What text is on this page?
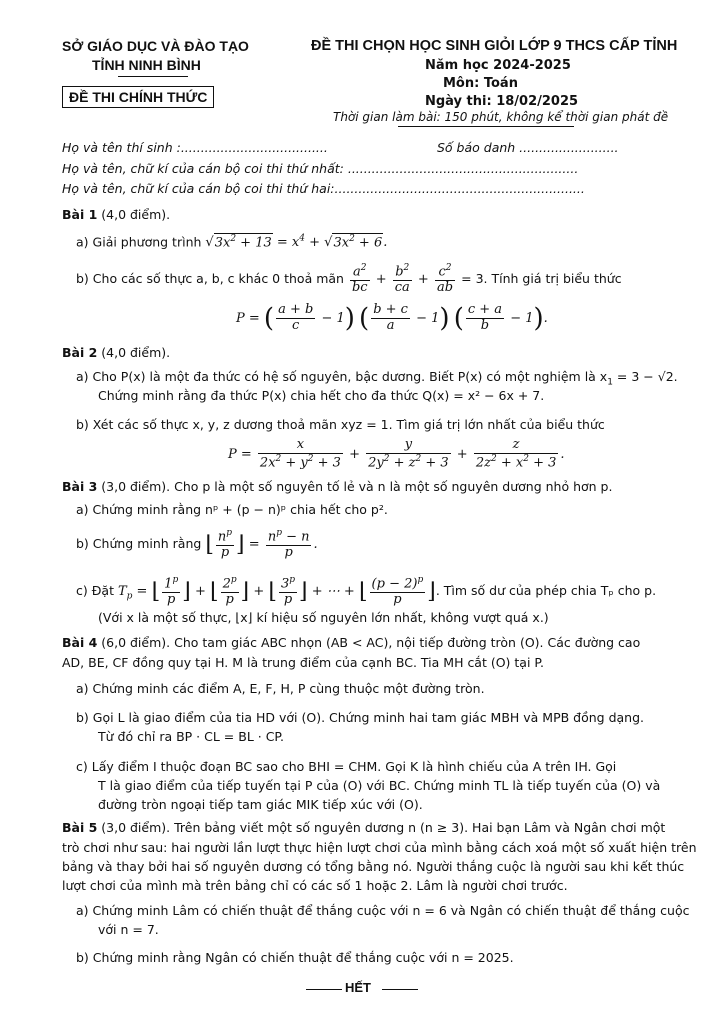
SỞ GIÁO DỤC VÀ ĐÀO TẠO
TỈNH NINH BÌNH
ĐỀ THI CHÍNH THỨC
ĐỀ THI CHỌN HỌC SINH GIỎI LỚP 9 THCS CẤP TỈNH
Năm học 2024-2025
Môn: Toán
Ngày thi: 18/02/2025
Thời gian làm bài: 150 phút, không kể thời gian phát đề
Họ và tên thí sinh :.....................................	Số báo danh .........................
Họ và tên, chữ kí của cán bộ coi thi thứ nhất: ..........................................................
Họ và tên, chữ kí của cán bộ coi thi thứ hai:...............................................................
Bài 1 (4,0 điểm).
a) Giải phương trình $√3x^2 + 13 = x^4 + √3x^2 + 6$.
b) Cho các số thực a, b, c khác 0 thoả mãn $\frac{a^2}{bc} + \frac{b^2}{ca} + \frac{c^2}{ab} = 3$. Tính giá trị biểu thức
P = ( $\frac{a + b}{c} - 1$) ( $\frac{b + c}{a} - 1$) ( $\frac{c + a}{b} - 1$).
Bài 2 (4,0 điểm).
a) Cho P(x) là một đa thức có hệ số nguyên, bậc dương. Biết P(x) có một nghiệm là $x_1 = 3 - √2$.
Chứng minh rằng đa thức P(x) chia hết cho đa thức Q(x) = x² − 6x + 7.
b) Xét các số thực x, y, z dương thoả mãn xyz = 1. Tìm giá trị lớn nhất của biểu thức
$P = \frac{x}{2x^2 + y^2 + 3} + \frac{y}{2y^2 + z^2 + 3} + \frac{z}{2z^2 + x^2 + 3}$ .
Bài 3 (3,0 điểm). Cho p là một số nguyên tố lẻ và n là một số nguyên dương nhỏ hơn p.
a) Chứng minh rằng nᵖ + (p − n)ᵖ chia hết cho p².
b) Chứng minh rằng ⌊ $\frac{n^p}{p}$ ⌋ = $\frac{n^p - n}{p}$ .
c) Đặt $T_p$ = ⌊ $\frac{1^p}{p}$ ⌋ + ⌊ $\frac{2^p}{p}$ ⌋ + ⌊ $\frac{3^p}{p}$ ⌋ + ⋯ + ⌊ $\frac{(p - 2)^p}{p}$ ⌋. Tìm số dư của phép chia Tₚ cho p.
(Với x là một số thực, ⌊x⌋ kí hiệu số nguyên lớn nhất, không vượt quá x.)
Bài 4 (6,0 điểm). Cho tam giác ABC nhọn (AB < AC), nội tiếp đường tròn (O). Các đường cao
AD, BE, CF đồng quy tại H. M là trung điểm của cạnh BC. Tia MH cắt (O) tại P.
a) Chứng minh các điểm A, E, F, H, P cùng thuộc một đường tròn.
b) Gọi L là giao điểm của tia HD với (O). Chứng minh hai tam giác MBH và MPB đồng dạng.
Từ đó chỉ ra BP · CL = BL · CP.
c) Lấy điểm I thuộc đoạn BC sao cho BHI = CHM. Gọi K là hình chiếu của A trên IH. Gọi
T là giao điểm của tiếp tuyến tại P của (O) với BC. Chứng minh TL là tiếp tuyến của (O) và
đường tròn ngoại tiếp tam giác MIK tiếp xúc với (O).
Bài 5 (3,0 điểm). Trên bảng viết một số nguyên dương n (n ≥ 3). Hai bạn Lâm và Ngân chơi một
trò chơi như sau: hai người lần lượt thực hiện lượt chơi của mình bằng cách xoá một số xuất hiện trên
bảng và thay bởi hai số nguyên dương có tổng bằng nó. Người thắng cuộc là người sau khi kết thúc
lượt chơi của mình mà trên bảng chỉ có các số 1 hoặc 2. Lâm là người chơi trước.
a) Chứng minh Lâm có chiến thuật để thắng cuộc với n = 6 và Ngân có chiến thuật để thắng cuộc
với n = 7.
b) Chứng minh rằng Ngân có chiến thuật để thắng cuộc với n = 2025.
HẾT
